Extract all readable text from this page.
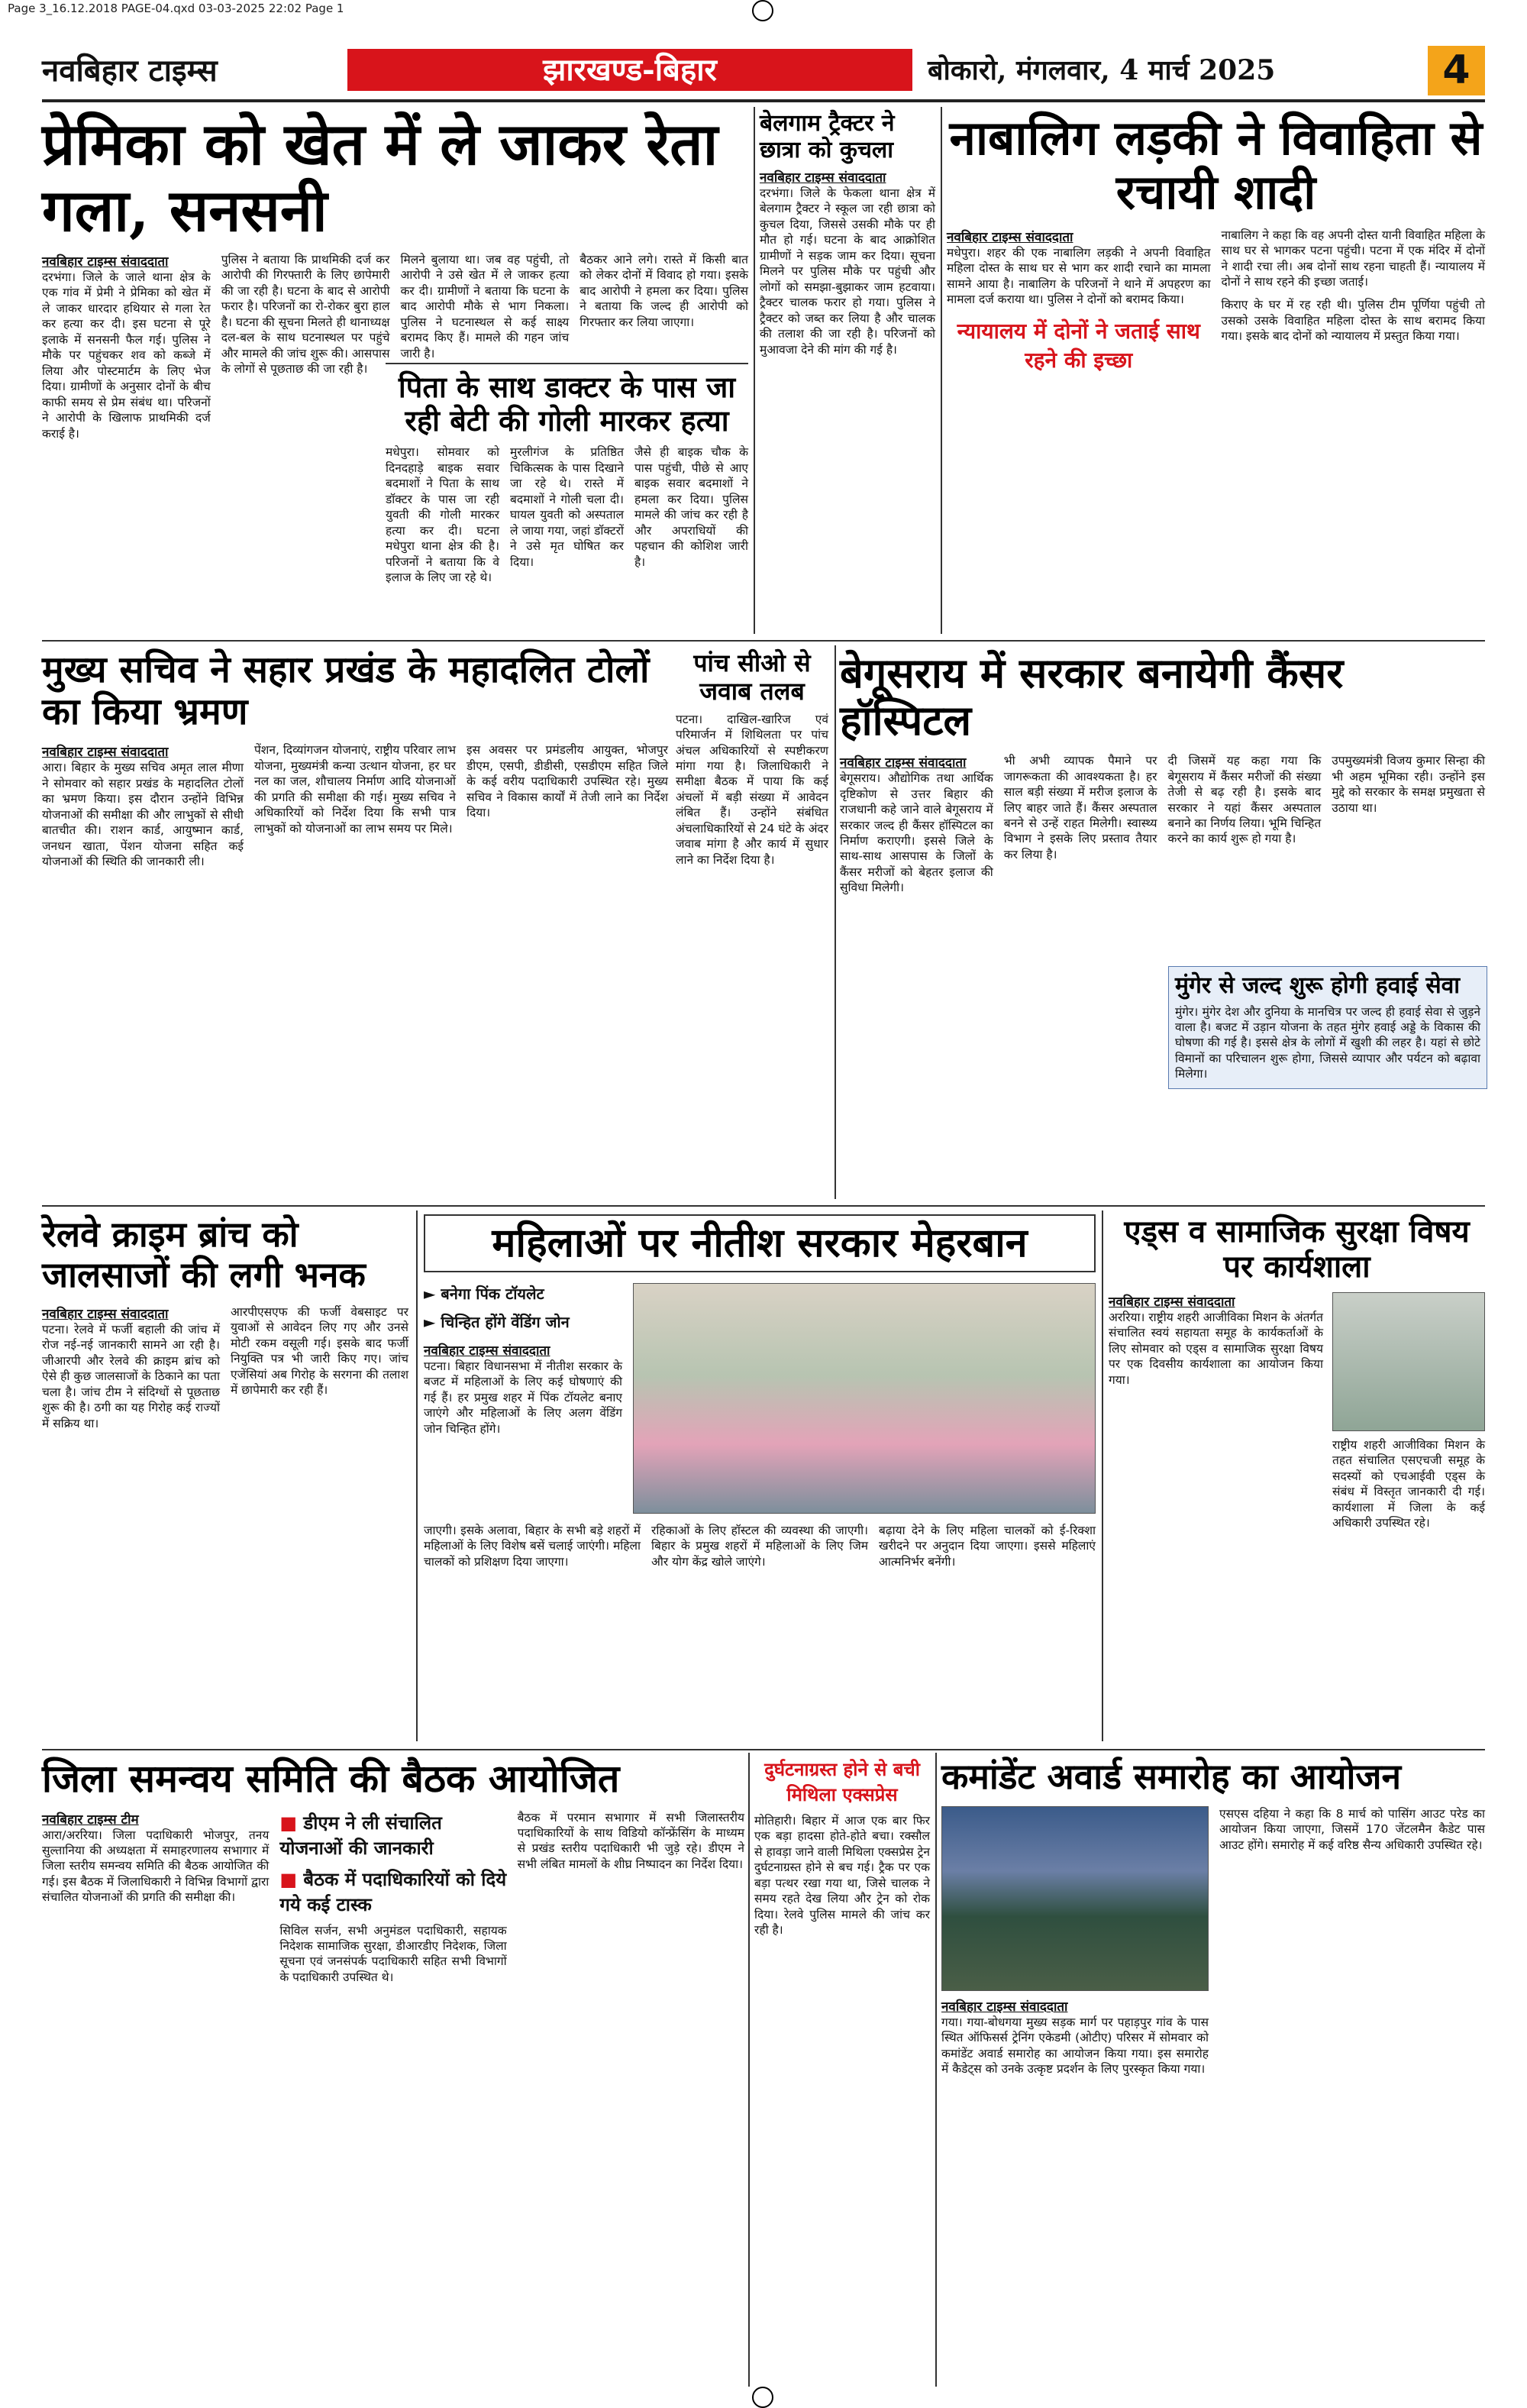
Page 3_16.12.2018 PAGE-04.qxd 03-03-2025 22:02 Page 1
नवबिहार टाइम्स	झारखण्ड-बिहार	बोकारो, मंगलवार, 4 मार्च 2025	4
प्रेमिका को खेत में ले जाकर रेता गला, सनसनी
नवबिहार टाइम्स संवाददाता
दरभंगा। जिले के जाले थाना क्षेत्र के एक गांव में प्रेमी ने प्रेमिका को खेत में ले जाकर धारदार हथियार से गला रेत कर हत्या कर दी। इस घटना से पूरे इलाके में सनसनी फैल गई। पुलिस ने मौके पर पहुंचकर शव को कब्जे में लिया और पोस्टमार्टम के लिए भेज दिया। ग्रामीणों के अनुसार दोनों के बीच काफी समय से प्रेम संबंध था। परिजनों ने आरोपी के खिलाफ प्राथमिकी दर्ज कराई है।
पुलिस ने बताया कि प्राथमिकी दर्ज कर आरोपी की गिरफ्तारी के लिए छापेमारी की जा रही है। घटना के बाद से आरोपी फरार है। परिजनों का रो-रोकर बुरा हाल है। घटना की सूचना मिलते ही थानाध्यक्ष दल-बल के साथ घटनास्थल पर पहुंचे और मामले की जांच शुरू की। आसपास के लोगों से पूछताछ की जा रही है।
मिलने बुलाया था। जब वह पहुंची, तो आरोपी ने उसे खेत में ले जाकर हत्या कर दी। ग्रामीणों ने बताया कि घटना के बाद आरोपी मौके से भाग निकला। पुलिस ने घटनास्थल से कई साक्ष्य बरामद किए हैं। मामले की गहन जांच जारी है।
बैठकर आने लगे। रास्ते में किसी बात को लेकर दोनों में विवाद हो गया। इसके बाद आरोपी ने हमला कर दिया। पुलिस ने बताया कि जल्द ही आरोपी को गिरफ्तार कर लिया जाएगा।
पिता के साथ डाक्टर के पास जा रही बेटी की गोली मारकर हत्या
मधेपुरा। सोमवार को दिनदहाड़े बाइक सवार बदमाशों ने पिता के साथ डॉक्टर के पास जा रही युवती की गोली मारकर हत्या कर दी। घटना मधेपुरा थाना क्षेत्र की है। परिजनों ने बताया कि वे इलाज के लिए जा रहे थे।
मुरलीगंज के प्रतिष्ठित चिकित्सक के पास दिखाने जा रहे थे। रास्ते में बदमाशों ने गोली चला दी। घायल युवती को अस्पताल ले जाया गया, जहां डॉक्टरों ने उसे मृत घोषित कर दिया।
जैसे ही बाइक चौक के पास पहुंची, पीछे से आए बाइक सवार बदमाशों ने हमला कर दिया। पुलिस मामले की जांच कर रही है और अपराधियों की पहचान की कोशिश जारी है।
बेलगाम ट्रैक्टर ने छात्रा को कुचला
नवबिहार टाइम्स संवाददाता
दरभंगा। जिले के फेकला थाना क्षेत्र में बेलगाम ट्रैक्टर ने स्कूल जा रही छात्रा को कुचल दिया, जिससे उसकी मौके पर ही मौत हो गई। घटना के बाद आक्रोशित ग्रामीणों ने सड़क जाम कर दिया। सूचना मिलने पर पुलिस मौके पर पहुंची और लोगों को समझा-बुझाकर जाम हटवाया। ट्रैक्टर चालक फरार हो गया। पुलिस ने ट्रैक्टर को जब्त कर लिया है और चालक की तलाश की जा रही है। परिजनों को मुआवजा देने की मांग की गई है।
नाबालिग लड़की ने विवाहिता से रचायी शादी
नवबिहार टाइम्स संवाददाता
मधेपुरा। शहर की एक नाबालिग लड़की ने अपनी विवाहित महिला दोस्त के साथ घर से भाग कर शादी रचाने का मामला सामने आया है। नाबालिग के परिजनों ने थाने में अपहरण का मामला दर्ज कराया था। पुलिस ने दोनों को बरामद किया।
न्यायालय में दोनों ने जताई साथ रहने की इच्छा
नाबालिग ने कहा कि वह अपनी दोस्त यानी विवाहित महिला के साथ घर से भागकर पटना पहुंची। पटना में एक मंदिर में दोनों ने शादी रचा ली। अब दोनों साथ रहना चाहती हैं। न्यायालय में दोनों ने साथ रहने की इच्छा जताई।
किराए के घर में रह रही थी। पुलिस टीम पूर्णिया पहुंची तो उसको उसके विवाहित महिला दोस्त के साथ बरामद किया गया। इसके बाद दोनों को न्यायालय में प्रस्तुत किया गया।
मुख्य सचिव ने सहार प्रखंड के महादलित टोलों का किया भ्रमण
नवबिहार टाइम्स संवाददाता
आरा। बिहार के मुख्य सचिव अमृत लाल मीणा ने सोमवार को सहार प्रखंड के महादलित टोलों का भ्रमण किया। इस दौरान उन्होंने विभिन्न योजनाओं की समीक्षा की और लाभुकों से सीधी बातचीत की। राशन कार्ड, आयुष्मान कार्ड, जनधन खाता, पेंशन योजना सहित कई योजनाओं की स्थिति की जानकारी ली।
पेंशन, दिव्यांगजन योजनाएं, राष्ट्रीय परिवार लाभ योजना, मुख्यमंत्री कन्या उत्थान योजना, हर घर नल का जल, शौचालय निर्माण आदि योजनाओं की प्रगति की समीक्षा की गई। मुख्य सचिव ने अधिकारियों को निर्देश दिया कि सभी पात्र लाभुकों को योजनाओं का लाभ समय पर मिले।
इस अवसर पर प्रमंडलीय आयुक्त, भोजपुर डीएम, एसपी, डीडीसी, एसडीएम सहित जिले के कई वरीय पदाधिकारी उपस्थित रहे। मुख्य सचिव ने विकास कार्यों में तेजी लाने का निर्देश दिया।
पांच सीओ से जवाब तलब
पटना। दाखिल-खारिज एवं परिमार्जन में शिथिलता पर पांच अंचल अधिकारियों से स्पष्टीकरण मांगा गया है। जिलाधिकारी ने समीक्षा बैठक में पाया कि कई अंचलों में बड़ी संख्या में आवेदन लंबित हैं। उन्होंने संबंधित अंचलाधिकारियों से 24 घंटे के अंदर जवाब मांगा है और कार्य में सुधार लाने का निर्देश दिया है।
बेगूसराय में सरकार बनायेगी कैंसर हॉस्पिटल
नवबिहार टाइम्स संवाददाता
बेगूसराय। औद्योगिक तथा आर्थिक दृष्टिकोण से उत्तर बिहार की राजधानी कहे जाने वाले बेगूसराय में सरकार जल्द ही कैंसर हॉस्पिटल का निर्माण कराएगी। इससे जिले के साथ-साथ आसपास के जिलों के कैंसर मरीजों को बेहतर इलाज की सुविधा मिलेगी।
भी अभी व्यापक पैमाने पर जागरूकता की आवश्यकता है। हर साल बड़ी संख्या में मरीज इलाज के लिए बाहर जाते हैं। कैंसर अस्पताल बनने से उन्हें राहत मिलेगी। स्वास्थ्य विभाग ने इसके लिए प्रस्ताव तैयार कर लिया है।
दी जिसमें यह कहा गया कि बेगूसराय में कैंसर मरीजों की संख्या तेजी से बढ़ रही है। इसके बाद सरकार ने यहां कैंसर अस्पताल बनाने का निर्णय लिया। भूमि चिन्हित करने का कार्य शुरू हो गया है।
उपमुख्यमंत्री विजय कुमार सिन्हा की भी अहम भूमिका रही। उन्होंने इस मुद्दे को सरकार के समक्ष प्रमुखता से उठाया था।
मुंगेर से जल्द शुरू होगी हवाई सेवा
मुंगेर। मुंगेर देश और दुनिया के मानचित्र पर जल्द ही हवाई सेवा से जुड़ने वाला है। बजट में उड़ान योजना के तहत मुंगेर हवाई अड्डे के विकास की घोषणा की गई है। इससे क्षेत्र के लोगों में खुशी की लहर है। यहां से छोटे विमानों का परिचालन शुरू होगा, जिससे व्यापार और पर्यटन को बढ़ावा मिलेगा।
रेलवे क्राइम ब्रांच को जालसाजों की लगी भनक
नवबिहार टाइम्स संवाददाता
पटना। रेलवे में फर्जी बहाली की जांच में रोज नई-नई जानकारी सामने आ रही है। जीआरपी और रेलवे की क्राइम ब्रांच को ऐसे ही कुछ जालसाजों के ठिकाने का पता चला है। जांच टीम ने संदिग्धों से पूछताछ शुरू की है। ठगी का यह गिरोह कई राज्यों में सक्रिय था।
आरपीएसएफ की फर्जी वेबसाइट पर युवाओं से आवेदन लिए गए और उनसे मोटी रकम वसूली गई। इसके बाद फर्जी नियुक्ति पत्र भी जारी किए गए। जांच एजेंसियां अब गिरोह के सरगना की तलाश में छापेमारी कर रही हैं।
महिलाओं पर नीतीश सरकार मेहरबान
► बनेगा पिंक टॉयलेट
► चिन्हित होंगे वेंडिंग जोन
नवबिहार टाइम्स संवाददाता
पटना। बिहार विधानसभा में नीतीश सरकार के बजट में महिलाओं के लिए कई घोषणाएं की गई हैं। हर प्रमुख शहर में पिंक टॉयलेट बनाए जाएंगे और महिलाओं के लिए अलग वेंडिंग जोन चिन्हित होंगे।
जाएगी। इसके अलावा, बिहार के सभी बड़े शहरों में महिलाओं के लिए विशेष बसें चलाई जाएंगी। महिला चालकों को प्रशिक्षण दिया जाएगा।
रहिकाओं के लिए हॉस्टल की व्यवस्था की जाएगी। बिहार के प्रमुख शहरों में महिलाओं के लिए जिम और योग केंद्र खोले जाएंगे।
बढ़ाया देने के लिए महिला चालकों को ई-रिक्शा खरीदने पर अनुदान दिया जाएगा। इससे महिलाएं आत्मनिर्भर बनेंगी।
एड्स व सामाजिक सुरक्षा विषय पर कार्यशाला
नवबिहार टाइम्स संवाददाता
अररिया। राष्ट्रीय शहरी आजीविका मिशन के अंतर्गत संचालित स्वयं सहायता समूह के कार्यकर्ताओं के लिए सोमवार को एड्स व सामाजिक सुरक्षा विषय पर एक दिवसीय कार्यशाला का आयोजन किया गया।
राष्ट्रीय शहरी आजीविका मिशन के तहत संचालित एसएचजी समूह के सदस्यों को एचआईवी एड्स के संबंध में विस्तृत जानकारी दी गई। कार्यशाला में जिला के कई अधिकारी उपस्थित रहे।
जिला समन्वय समिति की बैठक आयोजित
नवबिहार टाइम्स टीम
आरा/अररिया। जिला पदाधिकारी भोजपुर, तनय सुल्तानिया की अध्यक्षता में समाहरणालय सभागार में जिला स्तरीय समन्वय समिति की बैठक आयोजित की गई। इस बैठक में जिलाधिकारी ने विभिन्न विभागों द्वारा संचालित योजनाओं की प्रगति की समीक्षा की।
■ डीएम ने ली संचालित योजनाओं की जानकारी
■ बैठक में पदाधिकारियों को दिये गये कई टास्क
सिविल सर्जन, सभी अनुमंडल पदाधिकारी, सहायक निदेशक सामाजिक सुरक्षा, डीआरडीए निदेशक, जिला सूचना एवं जनसंपर्क पदाधिकारी सहित सभी विभागों के पदाधिकारी उपस्थित थे।
बैठक में परमान सभागार में सभी जिलास्तरीय पदाधिकारियों के साथ विडियो कॉन्फ्रेंसिंग के माध्यम से प्रखंड स्तरीय पदाधिकारी भी जुड़े रहे। डीएम ने सभी लंबित मामलों के शीघ्र निष्पादन का निर्देश दिया।
दुर्घटनाग्रस्त होने से बची मिथिला एक्सप्रेस
मोतिहारी। बिहार में आज एक बार फिर एक बड़ा हादसा होते-होते बचा। रक्सौल से हावड़ा जाने वाली मिथिला एक्सप्रेस ट्रेन दुर्घटनाग्रस्त होने से बच गई। ट्रैक पर एक बड़ा पत्थर रखा गया था, जिसे चालक ने समय रहते देख लिया और ट्रेन को रोक दिया। रेलवे पुलिस मामले की जांच कर रही है।
कमांडेंट अवार्ड समारोह का आयोजन
नवबिहार टाइम्स संवाददाता
गया। गया-बोधगया मुख्य सड़क मार्ग पर पहाड़पुर गांव के पास स्थित ऑफिसर्स ट्रेनिंग एकेडमी (ओटीए) परिसर में सोमवार को कमांडेंट अवार्ड समारोह का आयोजन किया गया। इस समारोह में कैडेट्स को उनके उत्कृष्ट प्रदर्शन के लिए पुरस्कृत किया गया।
एसएस दहिया ने कहा कि 8 मार्च को पासिंग आउट परेड का आयोजन किया जाएगा, जिसमें 170 जेंटलमैन कैडेट पास आउट होंगे। समारोह में कई वरिष्ठ सैन्य अधिकारी उपस्थित रहे।
